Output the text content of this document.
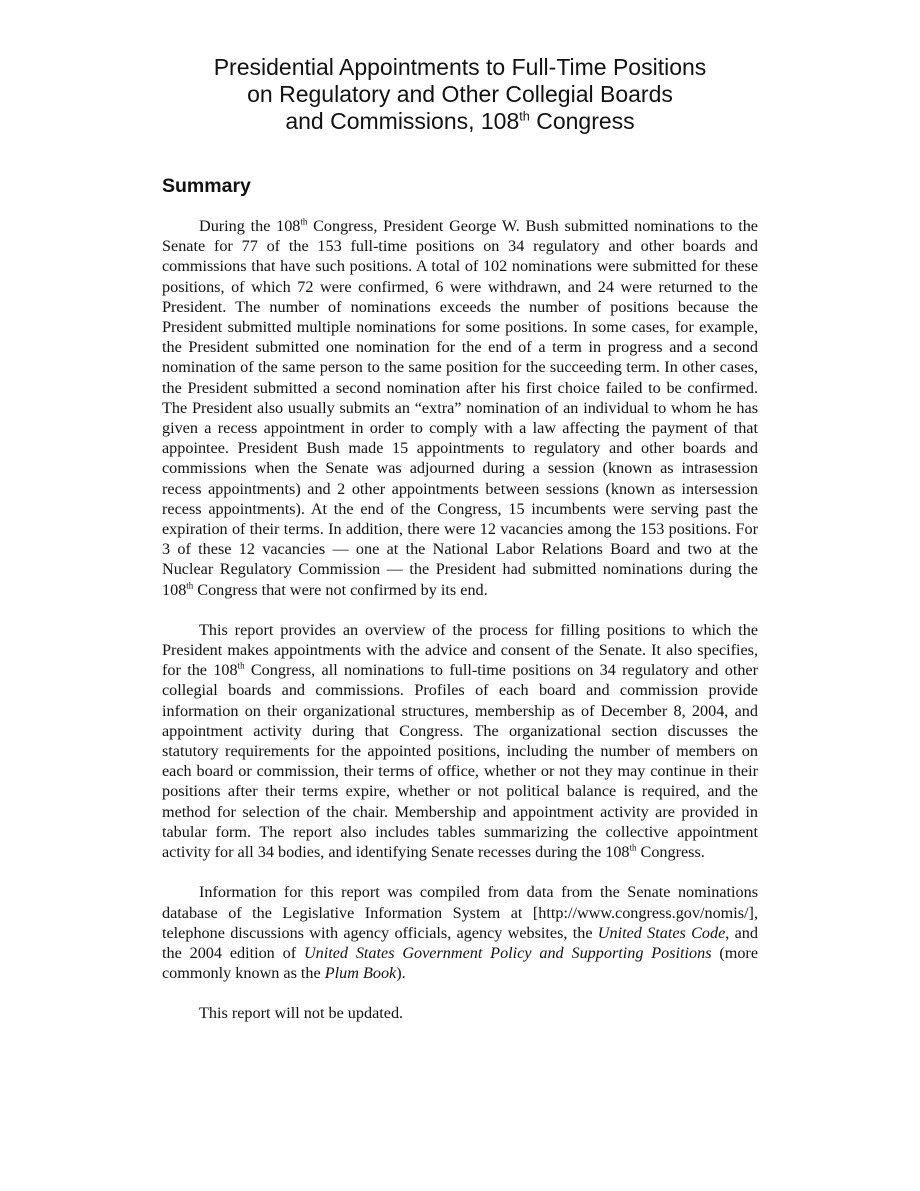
Presidential Appointments to Full-Time Positions
on Regulatory and Other Collegial Boards
and Commissions, 108th Congress
Summary

During the 108th Congress, President George W. Bush submitted nominations to the Senate for 77 of the 153 full-time positions on 34 regulatory and other boards and commissions that have such positions. A total of 102 nominations were submitted for these positions, of which 72 were confirmed, 6 were withdrawn, and 24 were returned to the President. The number of nominations exceeds the number of positions because the President submitted multiple nominations for some positions. In some cases, for example, the President submitted one nomination for the end of a term in progress and a second nomination of the same person to the same position for the succeeding term. In other cases, the President submitted a second nomination after his first choice failed to be confirmed. The President also usually submits an “extra” nomination of an individual to whom he has given a recess appointment in order to comply with a law affecting the payment of that appointee. President Bush made 15 appointments to regulatory and other boards and commissions when the Senate was adjourned during a session (known as intrasession recess appointments) and 2 other appointments between sessions (known as intersession recess appointments). At the end of the Congress, 15 incumbents were serving past the expiration of their terms. In addition, there were 12 vacancies among the 153 positions. For 3 of these 12 vacancies — one at the National Labor Relations Board and two at the Nuclear Regulatory Commission — the President had submitted nominations during the 108th Congress that were not confirmed by its end.

This report provides an overview of the process for filling positions to which the President makes appointments with the advice and consent of the Senate. It also specifies, for the 108th Congress, all nominations to full-time positions on 34 regulatory and other collegial boards and commissions. Profiles of each board and commission provide information on their organizational structures, membership as of December 8, 2004, and appointment activity during that Congress. The organizational section discusses the statutory requirements for the appointed positions, including the number of members on each board or commission, their terms of office, whether or not they may continue in their positions after their terms expire, whether or not political balance is required, and the method for selection of the chair. Membership and appointment activity are provided in tabular form. The report also includes tables summarizing the collective appointment activity for all 34 bodies, and identifying Senate recesses during the 108th Congress.

Information for this report was compiled from data from the Senate nominations database of the Legislative Information System at [http://www.congress.gov/nomis/], telephone discussions with agency officials, agency websites, the United States Code, and the 2004 edition of United States Government Policy and Supporting Positions (more commonly known as the Plum Book).

This report will not be updated.
